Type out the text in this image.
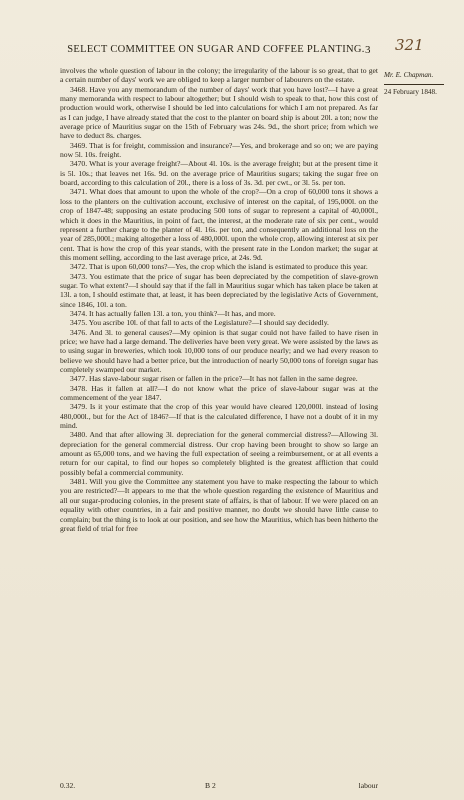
SELECT COMMITTEE ON SUGAR AND COFFEE PLANTING. 3 321
Mr. E. Chapman.
24 February 1848.

involves the whole question of labour in the colony; the irregularity of the labour is so great, that to get a certain number of days' work we are obliged to keep a larger number of labourers on the estate.

3468. Have you any memorandum of the number of days' work that you have lost?—I have a great many memoranda with respect to labour altogether; but I should wish to speak to that, how this cost of production would work, otherwise I should be led into calculations for which I am not prepared. As far as I can judge, I have already stated that the cost to the planter on board ship is about 20l. a ton; now the average price of Mauritius sugar on the 15th of February was 24s. 9d., the short price; from which we have to deduct 8s. charges.

3469. That is for freight, commission and insurance?—Yes, and brokerage and so on; we are paying now 5l. 10s. freight.

3470. What is your average freight?—About 4l. 10s. is the average freight; but at the present time it is 5l. 10s.; that leaves net 16s. 9d. on the average price of Mauritius sugars; taking the sugar free on board, according to this calculation of 20l., there is a loss of 3s. 3d. per cwt., or 3l. 5s. per ton.

3471. What does that amount to upon the whole of the crop?—On a crop of 60,000 tons it shows a loss to the planters on the cultivation account, exclusive of interest on the capital, of 195,000l. on the crop of 1847-48; supposing an estate producing 500 tons of sugar to represent a capital of 40,000l., which it does in the Mauritius, in point of fact, the interest, at the moderate rate of six per cent., would represent a further charge to the planter of 4l. 16s. per ton, and consequently an additional loss on the year of 285,000l.; making altogether a loss of 480,000l. upon the whole crop, allowing interest at six per cent. That is how the crop of this year stands, with the present rate in the London market; the sugar at this moment selling, according to the last average price, at 24s. 9d.

3472. That is upon 60,000 tons?—Yes, the crop which the island is estimated to produce this year.

3473. You estimate that the price of sugar has been depreciated by the competition of slave-grown sugar. To what extent?—I should say that if the fall in Mauritius sugar which has taken place be taken at 13l. a ton, I should estimate that, at least, it has been depreciated by the legislative Acts of Government, since 1846, 10l. a ton.

3474. It has actually fallen 13l. a ton, you think?—It has, and more.

3475. You ascribe 10l. of that fall to acts of the Legislature?—I should say decidedly.

3476. And 3l. to general causes?—My opinion is that sugar could not have failed to have risen in price; we have had a large demand. The deliveries have been very great. We were assisted by the laws as to using sugar in breweries, which took 10,000 tons of our produce nearly; and we had every reason to believe we should have had a better price, but the introduction of nearly 50,000 tons of foreign sugar has completely swamped our market.

3477. Has slave-labour sugar risen or fallen in the price?—It has not fallen in the same degree.

3478. Has it fallen at all?—I do not know what the price of slave-labour sugar was at the commencement of the year 1847.

3479. Is it your estimate that the crop of this year would have cleared 120,000l. instead of losing 480,000l., but for the Act of 1846?—If that is the calculated difference, I have not a doubt of it in my mind.

3480. And that after allowing 3l. depreciation for the general commercial distress?—Allowing 3l. depreciation for the general commercial distress. Our crop having been brought to show so large an amount as 65,000 tons, and we having the full expectation of seeing a reimbursement, or at all events a return for our capital, to find our hopes so completely blighted is the greatest affliction that could possibly befal a commercial community.

3481. Will you give the Committee any statement you have to make respecting the labour to which you are restricted?—It appears to me that the whole question regarding the existence of Mauritius and all our sugar-producing colonies, in the present state of affairs, is that of labour. If we were placed on an equality with other countries, in a fair and positive manner, no doubt we should have little cause to complain; but the thing is to look at our position, and see how the Mauritius, which has been hitherto the great field of trial for free

0.32.	B 2	labour
